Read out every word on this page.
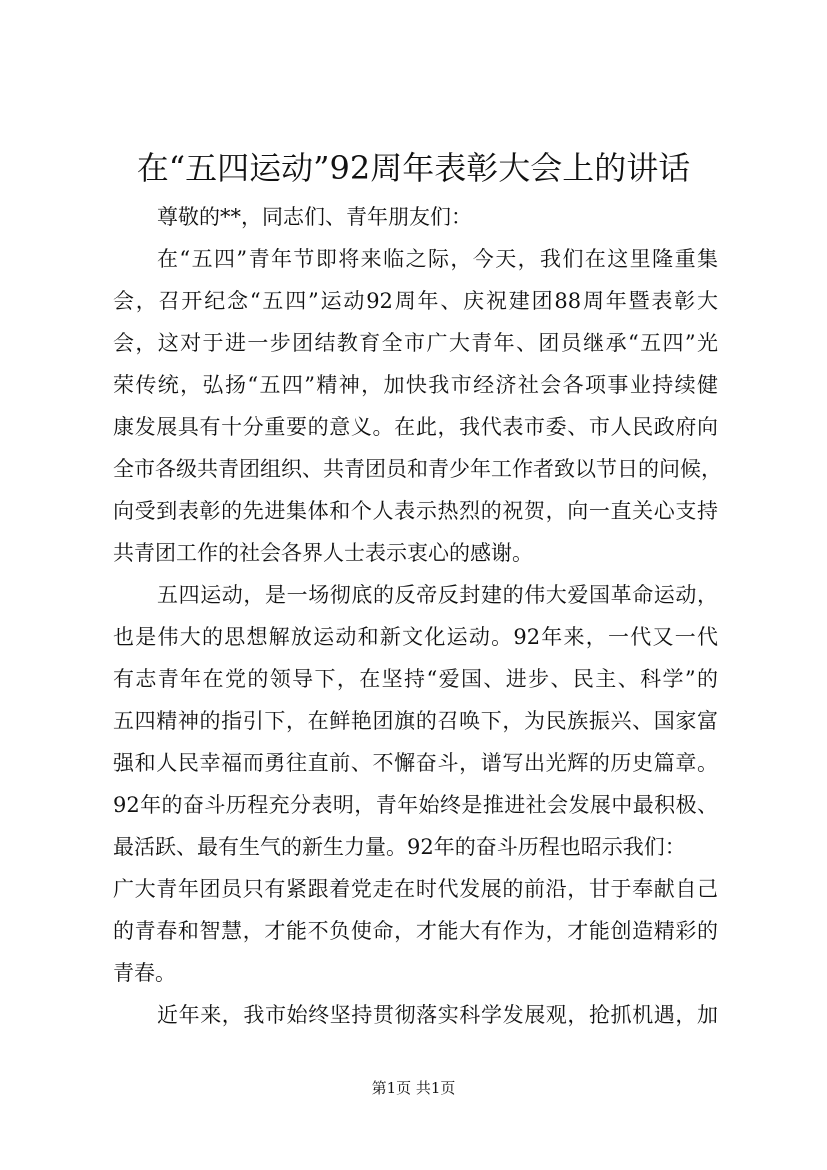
在“五四运动”92周年表彰大会上的讲话
尊敬的**，同志们、青年朋友们：
在“五四”青年节即将来临之际，今天，我们在这里隆重集
会，召开纪念“五四”运动92周年、庆祝建团88周年暨表彰大
会，这对于进一步团结教育全市广大青年、团员继承“五四”光
荣传统，弘扬“五四”精神，加快我市经济社会各项事业持续健
康发展具有十分重要的意义。在此，我代表市委、市人民政府向
全市各级共青团组织、共青团员和青少年工作者致以节日的问候，
向受到表彰的先进集体和个人表示热烈的祝贺，向一直关心支持
共青团工作的社会各界人士表示衷心的感谢。
五四运动，是一场彻底的反帝反封建的伟大爱国革命运动，
也是伟大的思想解放运动和新文化运动。92年来，一代又一代
有志青年在党的领导下，在坚持“爱国、进步、民主、科学”的
五四精神的指引下，在鲜艳团旗的召唤下，为民族振兴、国家富
强和人民幸福而勇往直前、不懈奋斗，谱写出光辉的历史篇章。
92年的奋斗历程充分表明，青年始终是推进社会发展中最积极、
最活跃、最有生气的新生力量。92年的奋斗历程也昭示我们：
广大青年团员只有紧跟着党走在时代发展的前沿，甘于奉献自己
的青春和智慧，才能不负使命，才能大有作为，才能创造精彩的
青春。
近年来，我市始终坚持贯彻落实科学发展观，抢抓机遇，加
第1页 共1页
